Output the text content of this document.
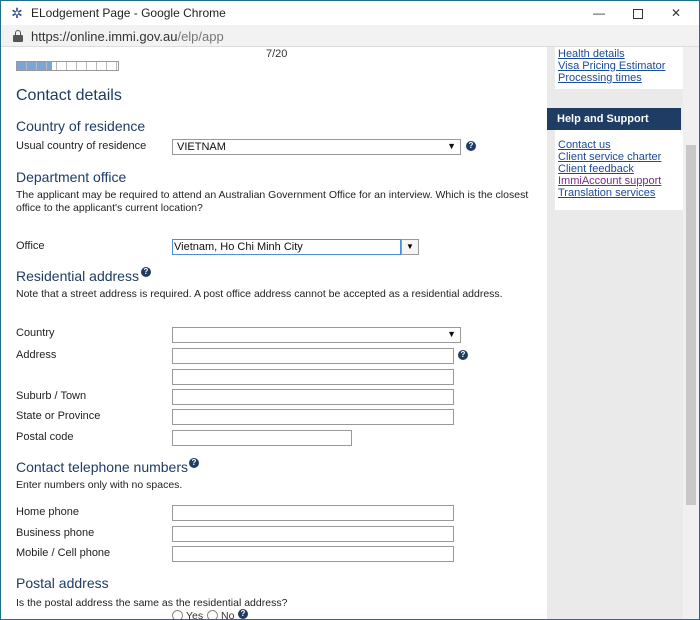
✲ ELodgement Page - Google Chrome	—	✕
https://online.immi.gov.au/elp/app
7/20
Contact details
Country of residence
Usual country of residence	VIETNAM	▼	?
Department office

The applicant may be required to attend an Australian Government Office for an interview. Which is the closest office to the applicant's current location?

Office	Vietnam, Ho Chi Minh City	▼
Residential address ?

Note that a street address is required. A post office address cannot be accepted as a residential address.

Country	▼
Address	?
Suburb / Town
State or Province
Postal code
Contact telephone numbers ?

Enter numbers only with no spaces.

Home phone
Business phone
Mobile / Cell phone
Postal address

Is the postal address the same as the residential address?

Yes No ?
Health details
Visa Pricing Estimator
Processing times
Help and Support
Contact us
Client service charter
Client feedback
ImmiAccount support
Translation services
